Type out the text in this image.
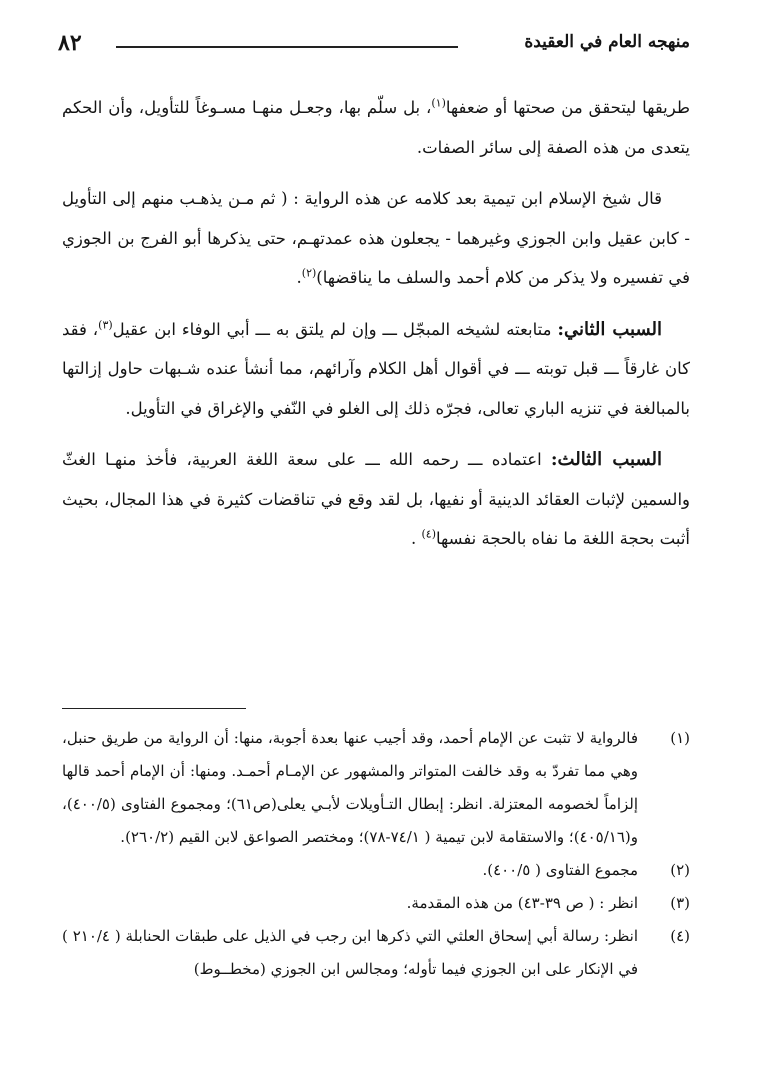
منهجه العام في العقيدة
٨٢

طريقها ليتحقق من صحتها أو ضعفها$^{(١)}$، بل سلّم بها، وجعـل منهـا مسـوغاً للتأويل، وأن الحكم يتعدى من هذه الصفة إلى سائر الصفات.

قال شيخ الإسلام ابن تيمية بعد كلامه عن هذه الرواية : ( ثم مـن يذهـب منهم إلى التأويل - كابن عقيل وابن الجوزي وغيرهما - يجعلون هذه عمدتهـم، حتى يذكرها أبو الفرج بن الجوزي في تفسيره ولا يذكر من كلام أحمد والسلف ما يناقضها)$^{(٢)}$.

السبب الثاني: متابعته لشيخه المبجّل ـــ وإن لم يلتق به ـــ أبي الوفاء ابن عقيل$^{(٣)}$، فقد كان غارقاً ـــ قبل توبته ـــ في أقوال أهل الكلام وآرائهم، مما أنشأ عنده شـبهات حاول إزالتها بالمبالغة في تنزيه الباري تعالى، فجرّه ذلك إلى الغلو في النّفي والإغراق في التأويل.

السبب الثالث: اعتماده ـــ رحمه الله ـــ على سعة اللغة العربية، فأخذ منهـا الغثّ والسمين لإثبات العقائد الدينية أو نفيها، بل لقد وقع في تناقضات كثيرة في هذا المجال، بحيث أثبت بحجة اللغة ما نفاه بالحجة نفسها$^{(٤)}$ .

(١)
فالرواية لا تثبت عن الإمام أحمد، وقد أجيب عنها بعدة أجوبة، منها: أن الرواية من طريق حنبل، وهي مما تفردّ به وقد خالفت المتواتر والمشهور عن الإمـام أحمـد. ومنها: أن الإمام أحمد قالها إلزاماً لخصومه المعتزلة. انظر: إبطال التـأويلات لأبـي يعلى(ص٦١)؛ ومجموع الفتاوى (٤٠٠/٥)، و(٤٠٥/١٦)؛ والاستقامة لابن تيمية ( ٧٤/١-٧٨)؛ ومختصر الصواعق لابن القيم (٢٦٠/٢).
(٢)
مجموع الفتاوى ( ٤٠٠/٥).
(٣)
انظر : ( ص ٣٩-٤٣) من هذه المقدمة.
(٤)
انظر: رسالة أبي إسحاق العلثي التي ذكرها ابن رجب في الذيل على طبقات الحنابلة ( ٢١٠/٤ ) في الإنكار على ابن الجوزي فيما تأوله؛ ومجالس ابن الجوزي (مخطــوط)
